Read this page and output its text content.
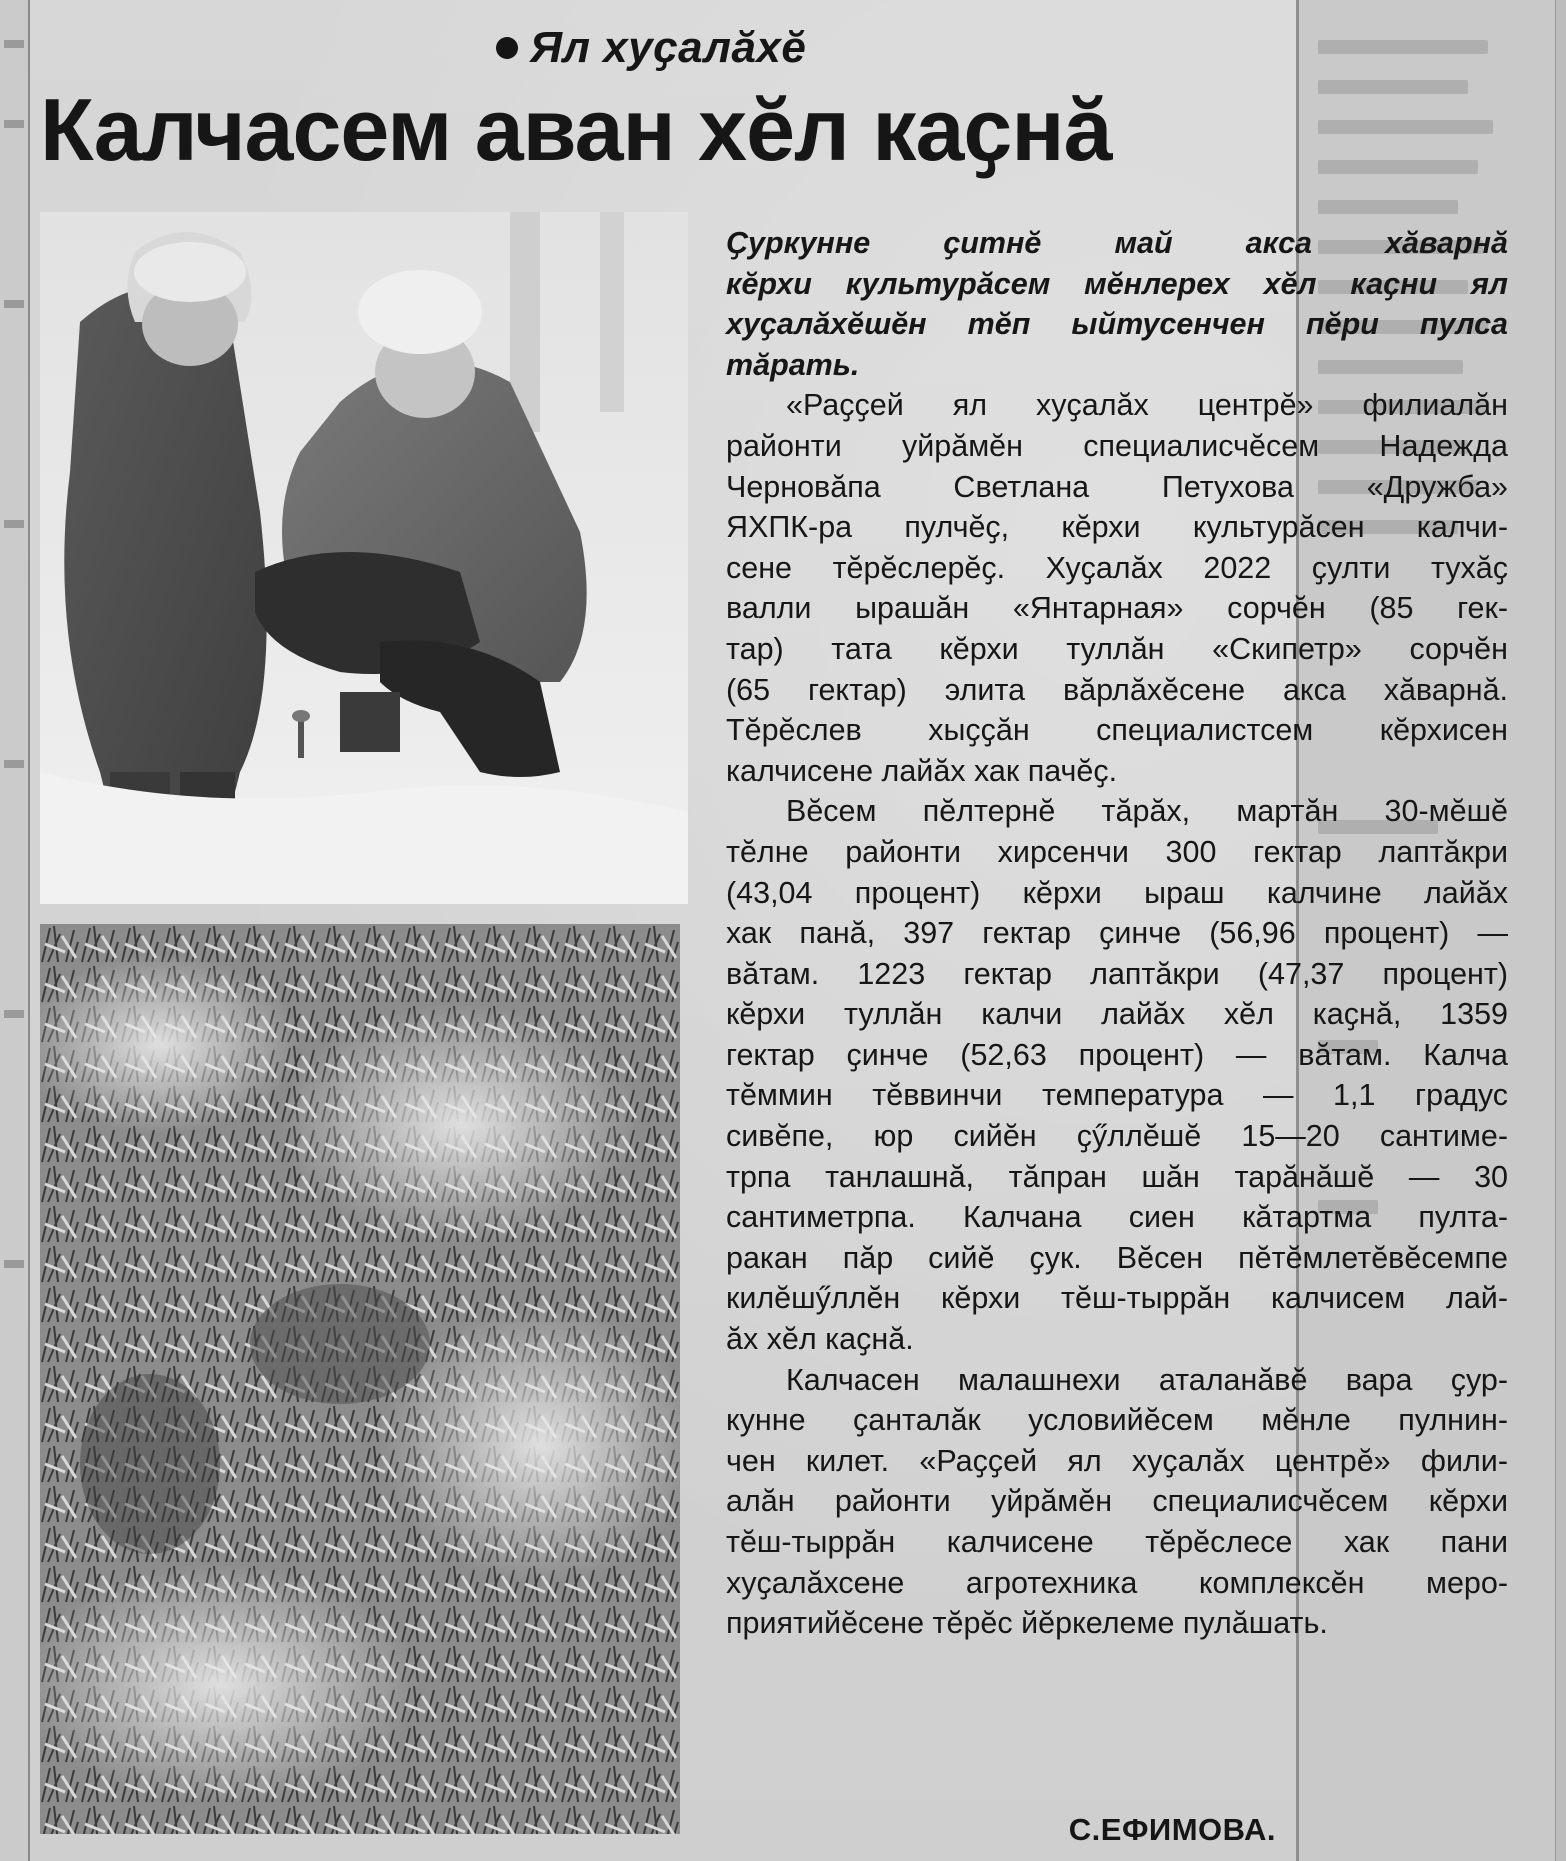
Ял хуҫалӑхӗ
Калчасем аван хӗл каҫнӑ
Ҫуркунне ҫитнӗ май акса хӑварнӑ
кӗрхи культурӑсем мӗнлерех хӗл каҫни ял
хуҫалӑхӗшӗн тӗп ыйтусенчен пӗри пулса
тӑрать.
«Раҫҫей ял хуҫалӑх центрӗ» филиалӑн
районти уйрӑмӗн специалисчӗсем Надежда
Черновӑпа Светлана Петухова «Дружба»
ЯХПК-ра пулчӗҫ, кӗрхи культурӑсен калчи-
сене тӗрӗслерӗҫ. Хуҫалӑх 2022 ҫулти тухӑҫ
валли ырашӑн «Янтарная» сорчӗн (85 гек-
тар) тата кӗрхи туллӑн «Скипетр» сорчӗн
(65 гектар) элита вӑрлӑхӗсене акса хӑварнӑ.
Тӗрӗслев хыҫҫӑн специалистсем кӗрхисен
калчисене лайӑх хак пачӗҫ.
Вӗсем пӗлтернӗ тӑрӑх, мартӑн 30-мӗшӗ
тӗлне районти хирсенчи 300 гектар лаптӑкри
(43,04 процент) кӗрхи ыраш калчине лайӑх
хак панӑ, 397 гектар ҫинче (56,96 процент) —
вӑтам. 1223 гектар лаптӑкри (47,37 процент)
кӗрхи туллӑн калчи лайӑх хӗл каҫнӑ, 1359
гектар ҫинче (52,63 процент) — вӑтам. Калча
тӗммин тӗввинчи температура — 1,1 градус
сивӗпе, юр сийӗн ҫӳллӗшӗ 15—20 сантиме-
трпа танлашнӑ, тӑпран шӑн тарӑнӑшӗ — 30
сантиметрпа. Калчана сиен кӑтартма пулта-
ракан пӑр сийӗ ҫук. Вӗсен пӗтӗмлетӗвӗсемпе
килӗшӳллӗн кӗрхи тӗш-тыррӑн калчисем лай-
ӑх хӗл каҫнӑ.
Калчасен малашнехи аталанӑвӗ вара ҫур-
кунне ҫанталӑк условийӗсем мӗнле пулнин-
чен килет. «Раҫҫей ял хуҫалӑх центрӗ» фили-
алӑн районти уйрӑмӗн специалисчӗсем кӗрхи
тӗш-тыррӑн калчисене тӗрӗслесе хак пани
хуҫалӑхсене агротехника комплексӗн меро-
приятийӗсене тӗрӗс йӗркелеме пулӑшать.
С.ЕФИМОВА.
